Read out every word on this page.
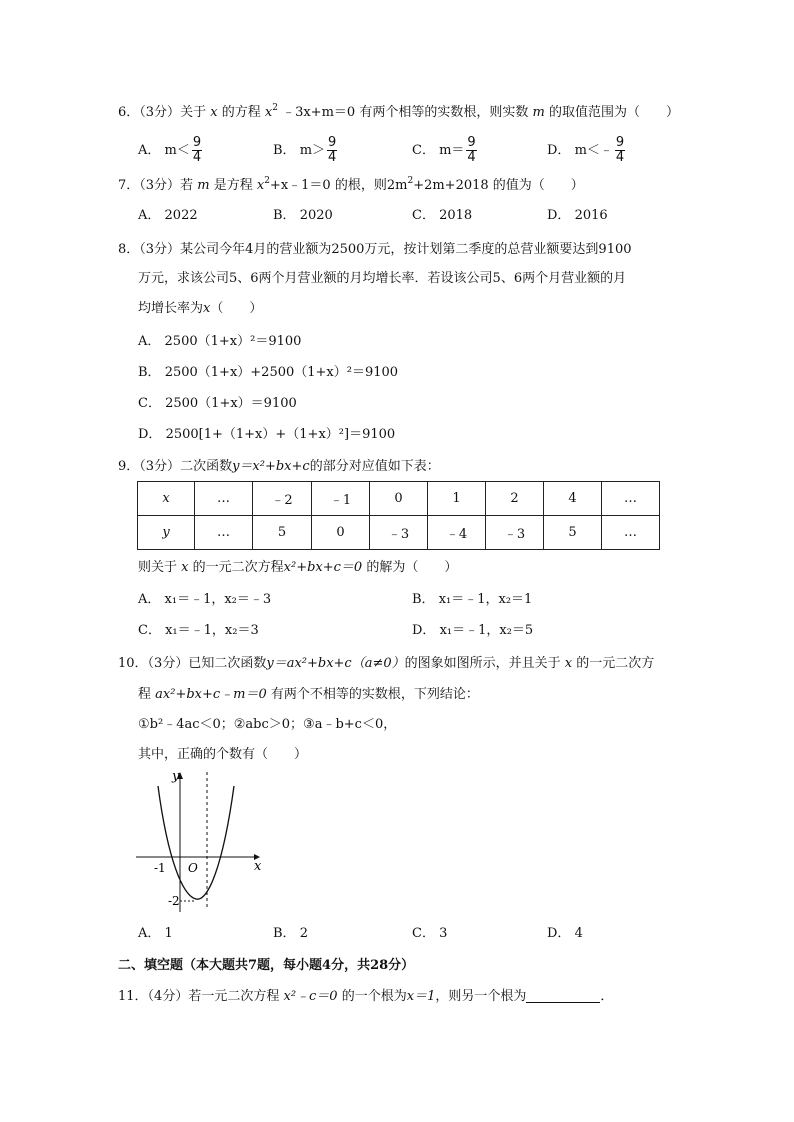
6．（3分）关于 x 的方程 $x^2$ ﹣3x+m＝0 有两个相等的实数根，则实数 m 的取值范围为（　　）
A． $m< \frac{9}{4}$	B． $m> \frac{9}{4}$	C． $m= \frac{9}{4}$	D． m＜﹣ $\frac{9}{4}$
7．（3分）若 m 是方程 $x^2+x﹣1=0$ 的根，则$2m^2+2m+2018$ 的值为（　　）
A． 2022	B． 2020	C． 2018	D． 2016
8．（3分）某公司今年4月的营业额为2500万元，按计划第二季度的总营业额要达到9100
万元，求该公司5、6两个月营业额的月均增长率．若设该公司5、6两个月营业额的月
均增长率为x（　　）
A． 2500（1+x）²＝9100
B． 2500（1+x）+2500（1+x）²＝9100
C． 2500（1+x）＝9100
D． 2500[1+（1+x）+（1+x）²]＝9100
9．（3分）二次函数y＝x²+bx+c的部分对应值如下表：
x	…	﹣2	﹣1	0	1	2	4	…
y	…	5	0	﹣3	﹣4	﹣3	5	…
则关于 x 的一元二次方程x²+bx+c＝0 的解为（　　）
A． x₁＝﹣1，x₂＝﹣3	B． x₁＝﹣1，x₂＝1
C． x₁＝﹣1，x₂＝3	D． x₁＝﹣1，x₂＝5
10．（3分）已知二次函数y＝ax²+bx+c（a≠0）的图象如图所示，并且关于 x 的一元二次方
程 ax²+bx+c﹣m＝0 有两个不相等的实数根，下列结论：
①b²﹣4ac＜0；②abc＞0；③a﹣b+c＜0，
其中，正确的个数有（　　）
y
x
O
-1
-2
A． 1	B． 2	C． 3	D． 4
二、填空题（本大题共7题，每小题4分，共28分）
11．（4分）若一元二次方程 x²﹣c＝0 的一个根为x＝1，则另一个根为	．
